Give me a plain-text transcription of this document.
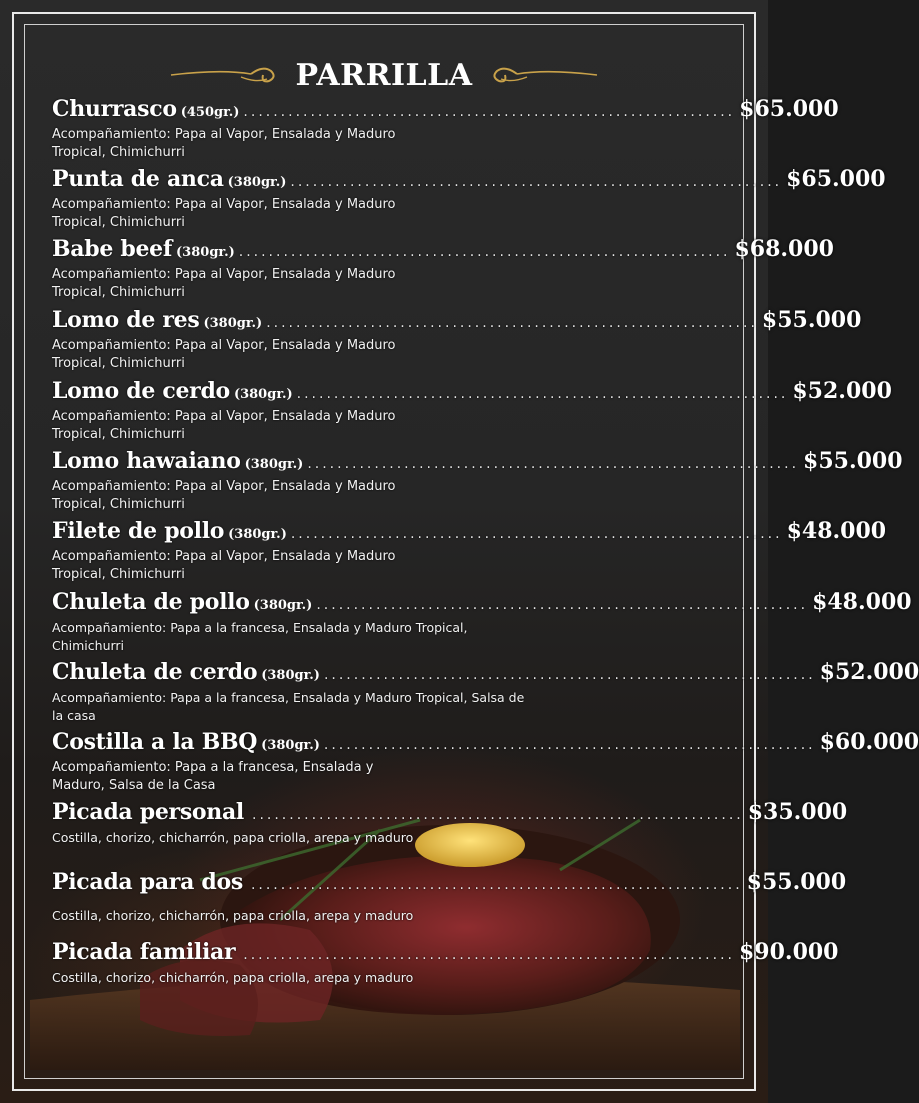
PARRILLA
Churrasco (450gr.) .................................................................. $65.000
Acompañamiento: Papa al Vapor, Ensalada y Maduro Tropical, Chimichurri
Punta de anca (380gr.) .................................................................. $65.000
Acompañamiento: Papa al Vapor, Ensalada y Maduro Tropical, Chimichurri
Babe beef (380gr.) .................................................................. $68.000
Acompañamiento: Papa al Vapor, Ensalada y Maduro Tropical, Chimichurri
Lomo de res (380gr.) .................................................................. $55.000
Acompañamiento: Papa al Vapor, Ensalada y Maduro Tropical, Chimichurri
Lomo de cerdo (380gr.) .................................................................. $52.000
Acompañamiento: Papa al Vapor, Ensalada y Maduro Tropical, Chimichurri
Lomo hawaiano (380gr.) .................................................................. $55.000
Acompañamiento: Papa al Vapor, Ensalada y Maduro Tropical, Chimichurri
Filete de pollo (380gr.) .................................................................. $48.000
Acompañamiento: Papa al Vapor, Ensalada y Maduro Tropical, Chimichurri
Chuleta de pollo (380gr.) .................................................................. $48.000
Acompañamiento: Papa a la francesa, Ensalada y Maduro Tropical, Chimichurri
Chuleta de cerdo (380gr.) .................................................................. $52.000
Acompañamiento: Papa a la francesa, Ensalada y Maduro Tropical, Salsa de la casa
Costilla a la BBQ (380gr.) .................................................................. $60.000
Acompañamiento: Papa a la francesa, Ensalada y Maduro, Salsa de la Casa
Picada personal .................................................................. $35.000
Costilla, chorizo, chicharrón, papa criolla, arepa y maduro
Picada para dos .................................................................. $55.000
Costilla, chorizo, chicharrón, papa criolla, arepa y maduro
Picada familiar .................................................................. $90.000
Costilla, chorizo, chicharrón, papa criolla, arepa y maduro
